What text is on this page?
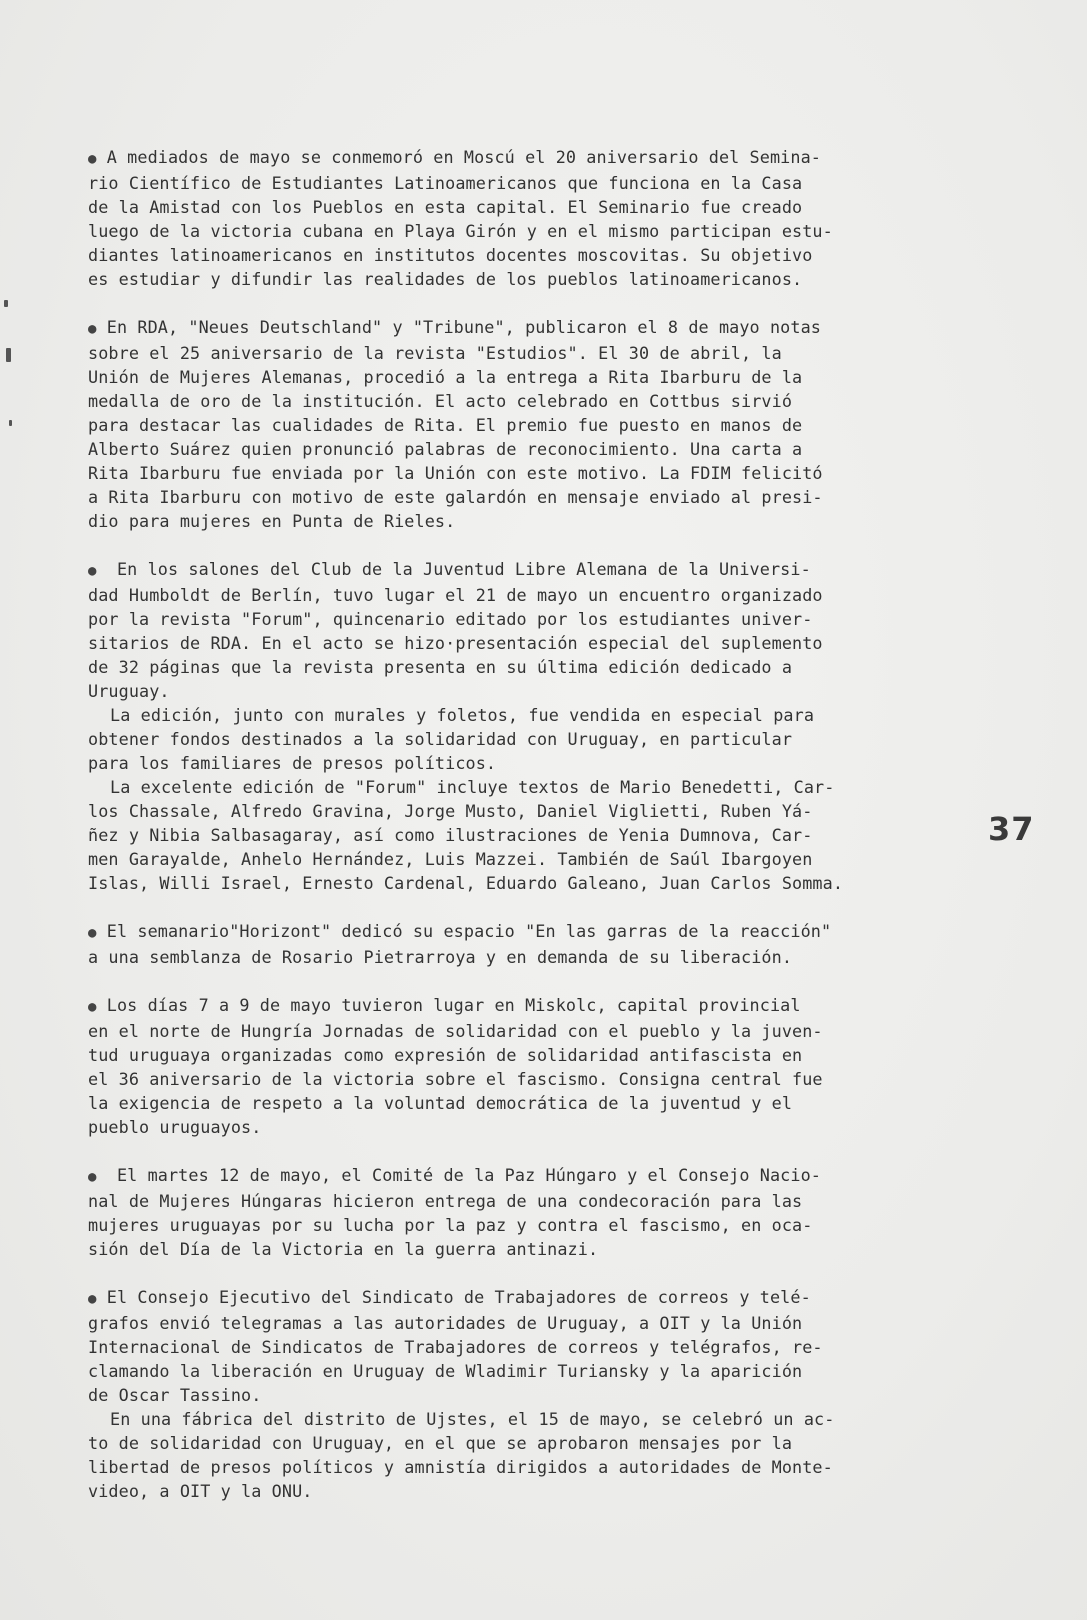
● A mediados de mayo se conmemoró en Moscú el 20 aniversario del Semina-

rio Científico de Estudiantes Latinoamericanos que funciona en la Casa

de la Amistad con los Pueblos en esta capital. El Seminario fue creado

luego de la victoria cubana en Playa Girón y en el mismo participan estu-

diantes latinoamericanos en institutos docentes moscovitas. Su objetivo

es estudiar y difundir las realidades de los pueblos latinoamericanos.

● En RDA, "Neues Deutschland" y "Tribune", publicaron el 8 de mayo notas

sobre el 25 aniversario de la revista "Estudios". El 30 de abril, la

Unión de Mujeres Alemanas, procedió a la entrega a Rita Ibarburu de la

medalla de oro de la institución. El acto celebrado en Cottbus sirvió

para destacar las cualidades de Rita. El premio fue puesto en manos de

Alberto Suárez quien pronunció palabras de reconocimiento. Una carta a

Rita Ibarburu fue enviada por la Unión con este motivo. La FDIM felicitó

a Rita Ibarburu con motivo de este galardón en mensaje enviado al presi-

dio para mujeres en Punta de Rieles.

●  En los salones del Club de la Juventud Libre Alemana de la Universi-

dad Humboldt de Berlín, tuvo lugar el 21 de mayo un encuentro organizado

por la revista "Forum", quincenario editado por los estudiantes univer-

sitarios de RDA. En el acto se hizo·presentación especial del suplemento

de 32 páginas que la revista presenta en su última edición dedicado a

Uruguay.

La edición, junto con murales y foletos, fue vendida en especial para

obtener fondos destinados a la solidaridad con Uruguay, en particular

para los familiares de presos políticos.

La excelente edición de "Forum" incluye textos de Mario Benedetti, Car-

los Chassale, Alfredo Gravina, Jorge Musto, Daniel Viglietti, Ruben Yá-

ñez y Nibia Salbasagaray, así como ilustraciones de Yenia Dumnova, Car-

men Garayalde, Anhelo Hernández, Luis Mazzei. También de Saúl Ibargoyen

Islas, Willi Israel, Ernesto Cardenal, Eduardo Galeano, Juan Carlos Somma.

● El semanario"Horizont" dedicó su espacio "En las garras de la reacción"

a una semblanza de Rosario Pietrarroya y en demanda de su liberación.

● Los días 7 a 9 de mayo tuvieron lugar en Miskolc, capital provincial

en el norte de Hungría Jornadas de solidaridad con el pueblo y la juven-

tud uruguaya organizadas como expresión de solidaridad antifascista en

el 36 aniversario de la victoria sobre el fascismo. Consigna central fue

la exigencia de respeto a la voluntad democrática de la juventud y el

pueblo uruguayos.

●  El martes 12 de mayo, el Comité de la Paz Húngaro y el Consejo Nacio-

nal de Mujeres Húngaras hicieron entrega de una condecoración para las

mujeres uruguayas por su lucha por la paz y contra el fascismo, en oca-

sión del Día de la Victoria en la guerra antinazi.

● El Consejo Ejecutivo del Sindicato de Trabajadores de correos y telé-

grafos envió telegramas a las autoridades de Uruguay, a OIT y la Unión

Internacional de Sindicatos de Trabajadores de correos y telégrafos, re-

clamando la liberación en Uruguay de Wladimir Turiansky y la aparición

de Oscar Tassino.

En una fábrica del distrito de Ujstes, el 15 de mayo, se celebró un ac-

to de solidaridad con Uruguay, en el que se aprobaron mensajes por la

libertad de presos políticos y amnistía dirigidos a autoridades de Monte-

video, a OIT y la ONU.

37
